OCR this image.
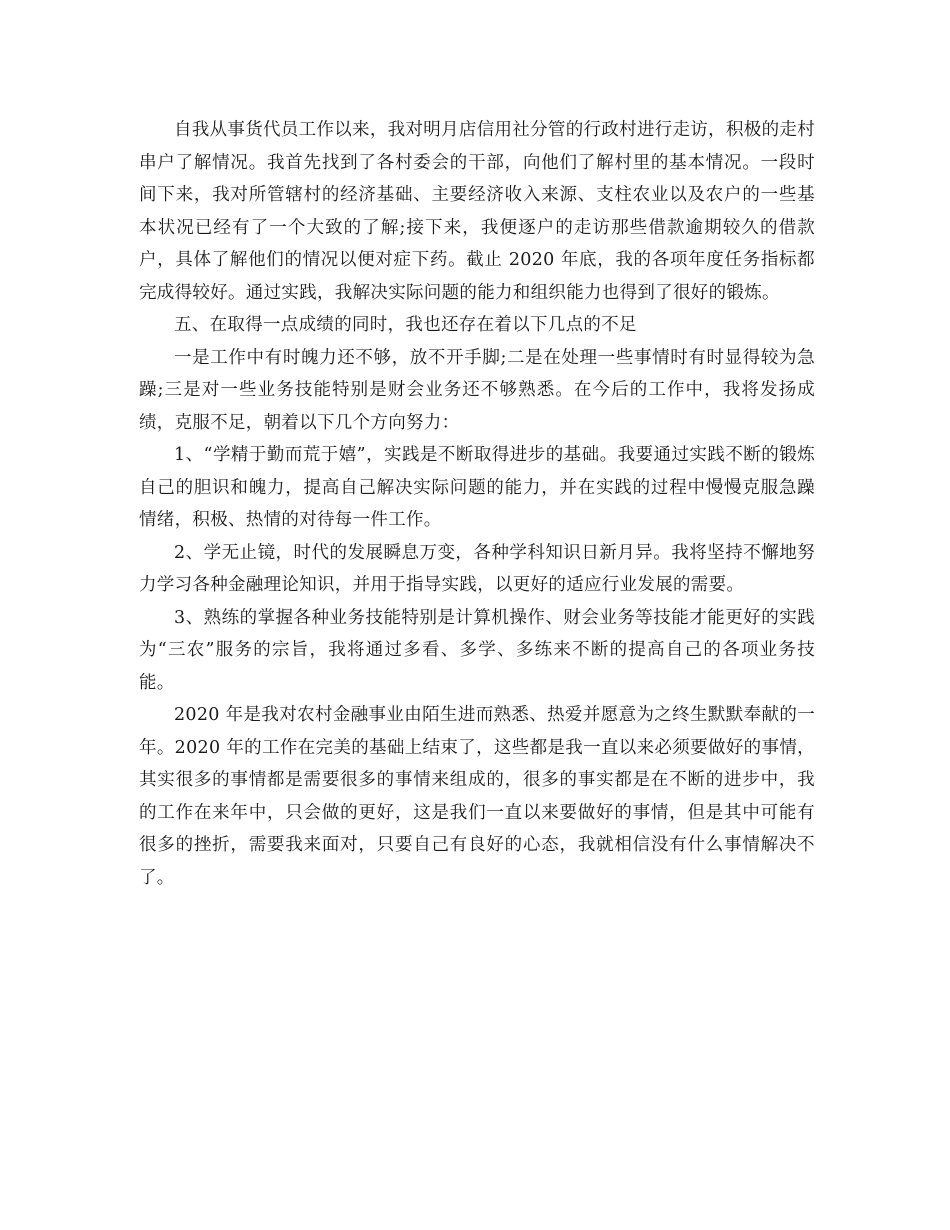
自我从事货代员工作以来，我对明月店信用社分管的行政村进行走访，积极的走村串户了解情况。我首先找到了各村委会的干部，向他们了解村里的基本情况。一段时间下来，我对所管辖村的经济基础、主要经济收入来源、支柱农业以及农户的一些基本状况已经有了一个大致的了解;接下来，我便逐户的走访那些借款逾期较久的借款户，具体了解他们的情况以便对症下药。截止 2020 年底，我的各项年度任务指标都完成得较好。通过实践，我解决实际问题的能力和组织能力也得到了很好的锻炼。

五、在取得一点成绩的同时，我也还存在着以下几点的不足

一是工作中有时魄力还不够，放不开手脚;二是在处理一些事情时有时显得较为急躁;三是对一些业务技能特别是财会业务还不够熟悉。在今后的工作中，我将发扬成绩，克服不足，朝着以下几个方向努力：

1、“学精于勤而荒于嬉”，实践是不断取得进步的基础。我要通过实践不断的锻炼自己的胆识和魄力，提高自己解决实际问题的能力，并在实践的过程中慢慢克服急躁情绪，积极、热情的对待每一件工作。

2、学无止镜，时代的发展瞬息万变，各种学科知识日新月异。我将坚持不懈地努力学习各种金融理论知识，并用于指导实践，以更好的适应行业发展的需要。

3、熟练的掌握各种业务技能特别是计算机操作、财会业务等技能才能更好的实践为“三农”服务的宗旨，我将通过多看、多学、多练来不断的提高自己的各项业务技能。

2020 年是我对农村金融事业由陌生进而熟悉、热爱并愿意为之终生默默奉献的一年。2020 年的工作在完美的基础上结束了，这些都是我一直以来必须要做好的事情，其实很多的事情都是需要很多的事情来组成的，很多的事实都是在不断的进步中，我的工作在来年中，只会做的更好，这是我们一直以来要做好的事情，但是其中可能有很多的挫折，需要我来面对，只要自己有良好的心态，我就相信没有什么事情解决不了。
